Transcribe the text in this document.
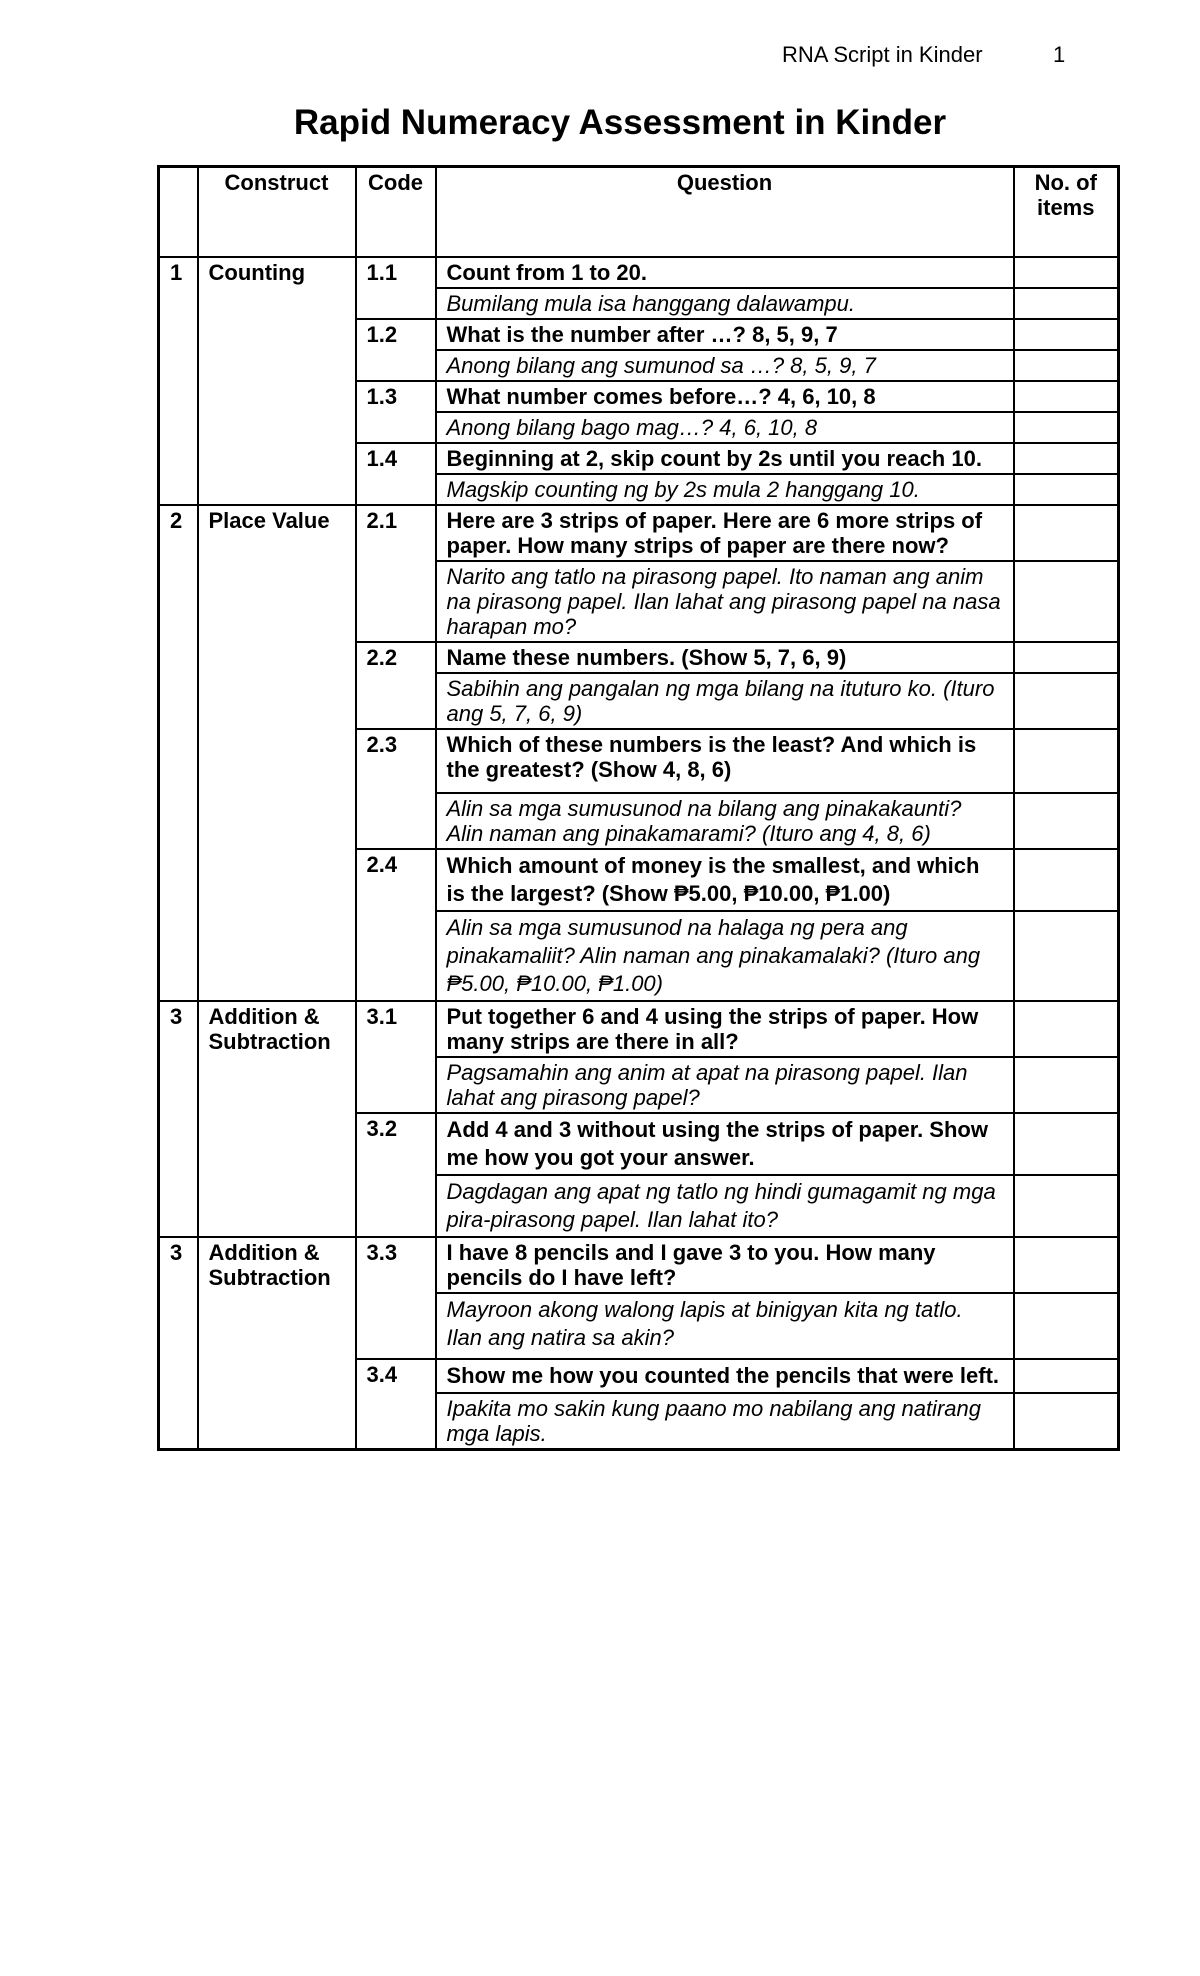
RNA Script in Kinder	1
Rapid Numeracy Assessment in Kinder
	Construct	Code	Question	No. of items
1	Counting	1.1	Count from 1 to 20.	
			Bumilang mula isa hanggang dalawampu.	
		1.2	What is the number after …? 8, 5, 9, 7	
			Anong bilang ang sumunod sa …? 8, 5, 9, 7	
		1.3	What number comes before…? 4, 6, 10, 8	
			Anong bilang bago mag…? 4, 6, 10, 8	
		1.4	Beginning at 2, skip count by 2s until you reach 10.	
			Magskip counting ng by 2s mula 2 hanggang 10.	
2	Place Value	2.1	Here are 3 strips of paper. Here are 6 more strips of paper. How many strips of paper are there now?	
			Narito ang tatlo na pirasong papel. Ito naman ang anim na pirasong papel. Ilan lahat ang pirasong papel na nasa harapan mo?	
		2.2	Name these numbers. (Show 5, 7, 6, 9)	
			Sabihin ang pangalan ng mga bilang na ituturo ko. (Ituro ang 5, 7, 6, 9)	
		2.3	Which of these numbers is the least? And which is the greatest? (Show 4, 8, 6)	
			Alin sa mga sumusunod na bilang ang pinakakaunti? Alin naman ang pinakamarami? (Ituro ang 4, 8, 6)	
		2.4	Which amount of money is the smallest, and which is the largest? (Show ₱5.00, ₱10.00, ₱1.00)	
			Alin sa mga sumusunod na halaga ng pera ang pinakamaliit? Alin naman ang pinakamalaki? (Ituro ang ₱5.00, ₱10.00, ₱1.00)	
3	Addition & Subtraction	3.1	Put together 6 and 4 using the strips of paper. How many strips are there in all?	
			Pagsamahin ang anim at apat na pirasong papel. Ilan lahat ang pirasong papel?	
		3.2	Add 4 and 3 without using the strips of paper. Show me how you got your answer.	
			Dagdagan ang apat ng tatlo ng hindi gumagamit ng mga pira-pirasong papel. Ilan lahat ito?	
3	Addition & Subtraction	3.3	I have 8 pencils and I gave 3 to you. How many pencils do I have left?	
			Mayroon akong walong lapis at binigyan kita ng tatlo. Ilan ang natira sa akin?	
		3.4	Show me how you counted the pencils that were left.	
			Ipakita mo sakin kung paano mo nabilang ang natirang mga lapis.	
